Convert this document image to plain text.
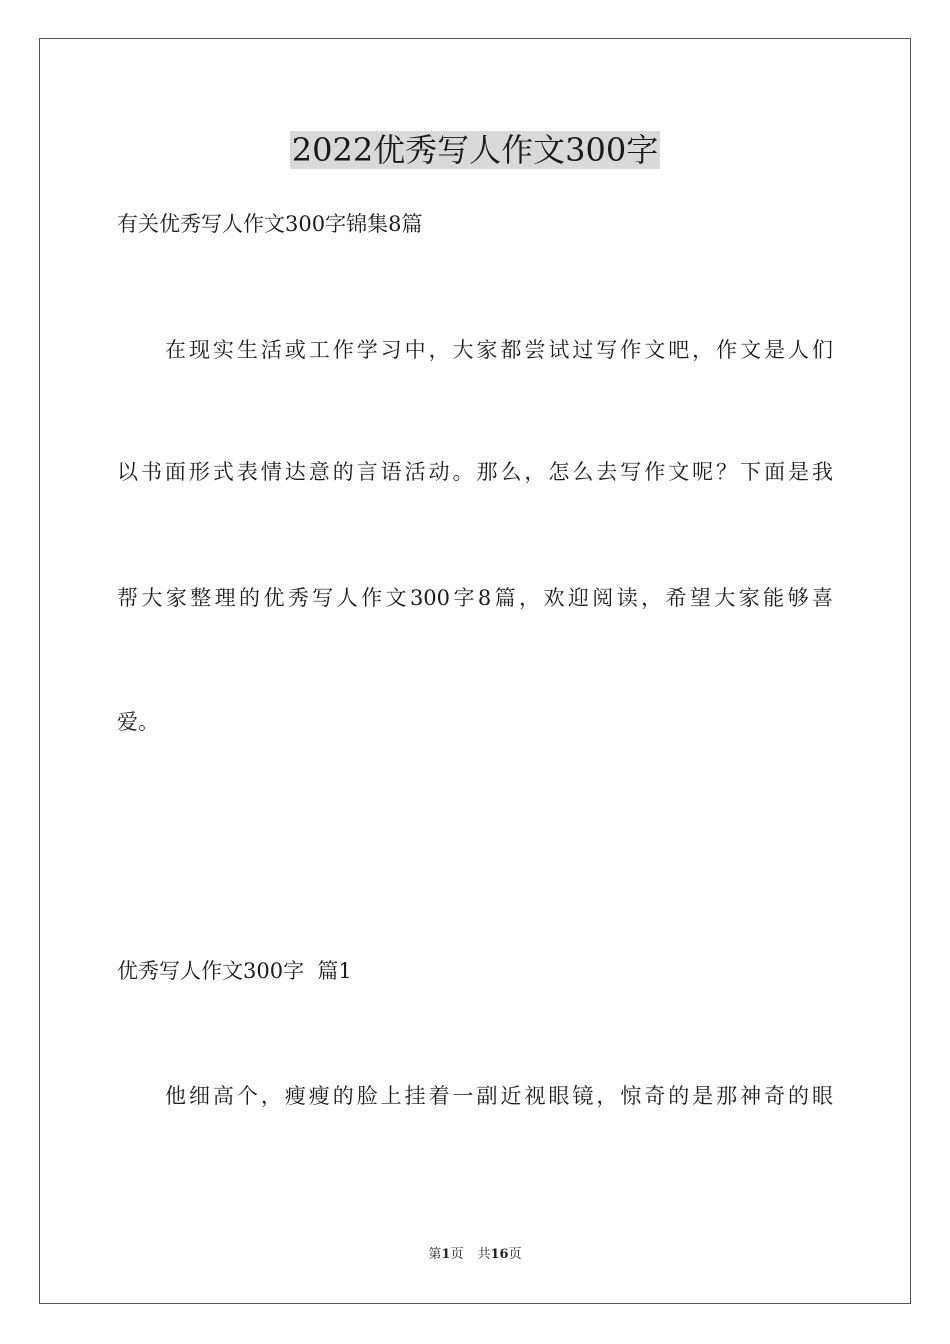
2022优秀写人作文300字

有关优秀写人作文300字锦集8篇

在现实生活或工作学习中，大家都尝试过写作文吧，作文是人们

以书面形式表情达意的言语活动。那么，怎么去写作文呢？下面是我

帮大家整理的优秀写人作文300字8篇，欢迎阅读，希望大家能够喜

爱。

优秀写人作文300字  篇1

他细高个，瘦瘦的脸上挂着一副近视眼镜，惊奇的是那神奇的眼

第1页 共16页
